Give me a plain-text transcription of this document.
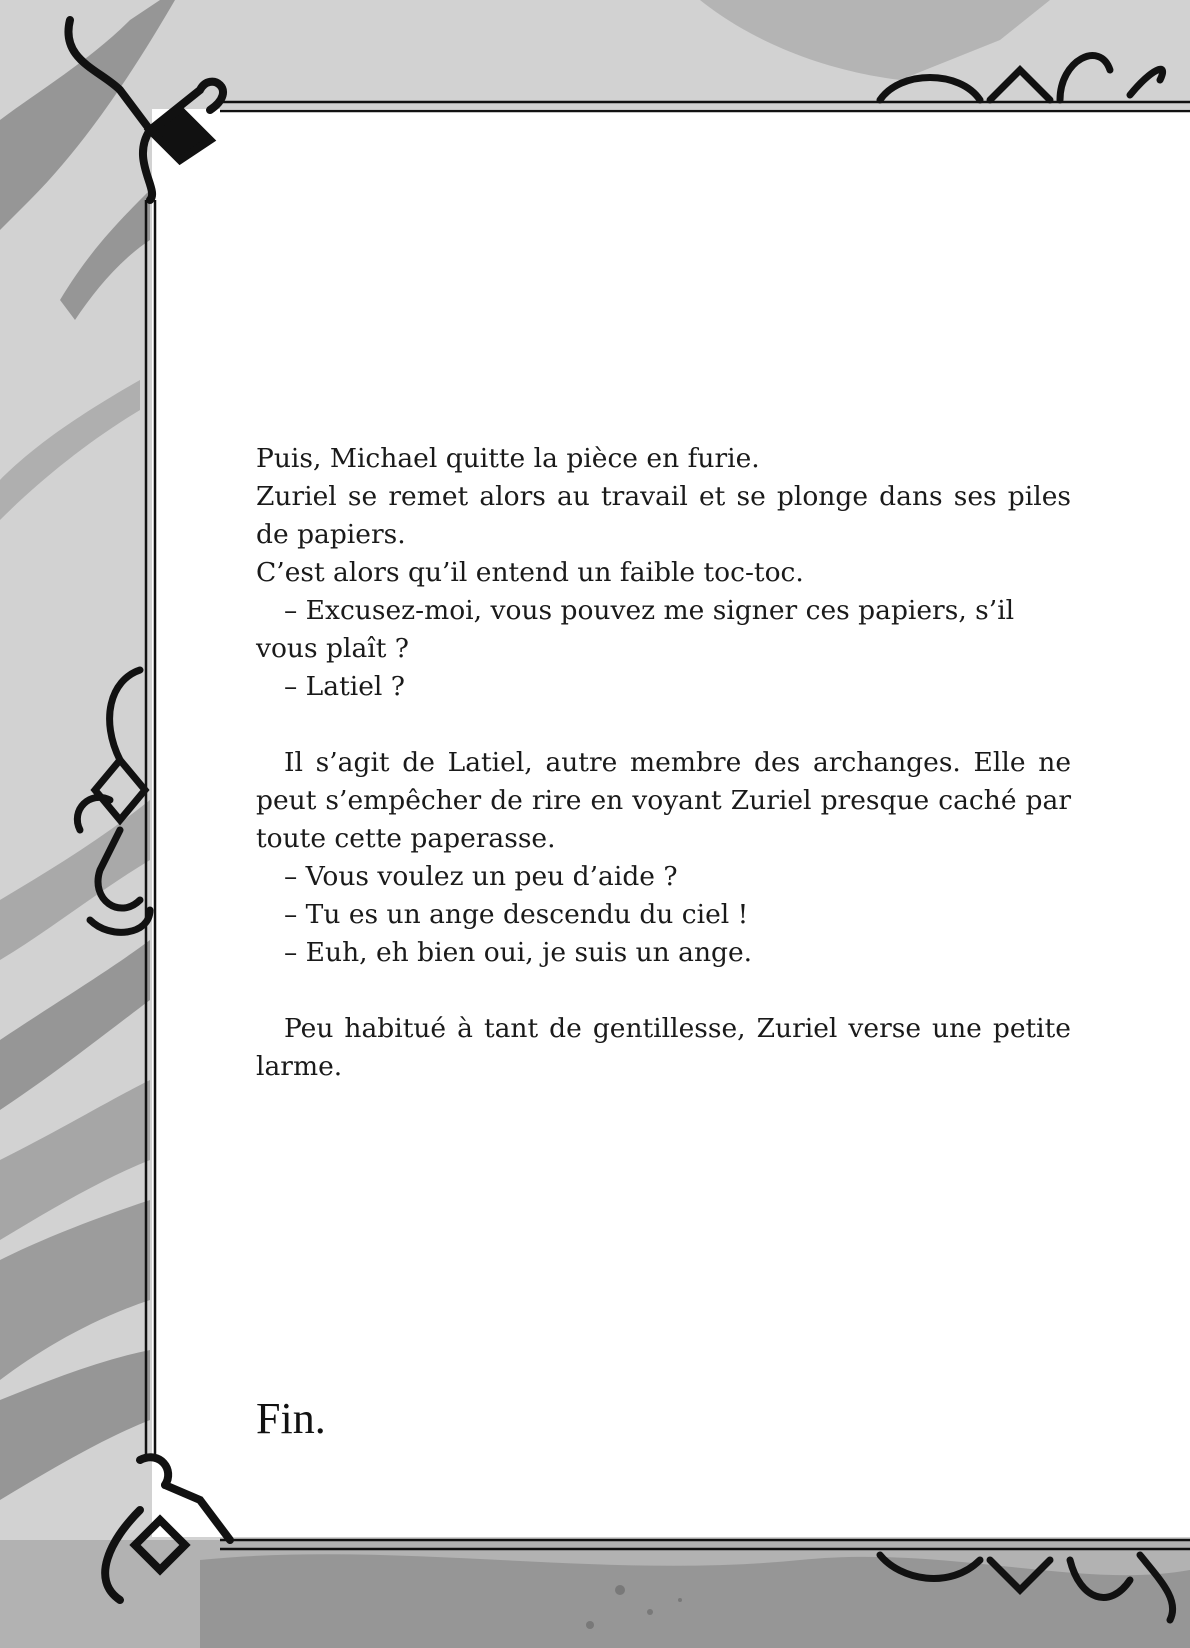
Puis, Michael quitte la pièce en furie.

Zuriel se remet alors au travail et se plonge dans ses piles de papiers.

C’est alors qu’il entend un faible toc-toc.

– Excusez-moi, vous pouvez me signer ces papiers, s’il vous plaît ?

– Latiel ?

Il s’agit de Latiel, autre membre des archanges. Elle ne peut s’empêcher de rire en voyant Zuriel presque caché par toute cette paperasse.

– Vous voulez un peu d’aide ?

– Tu es un ange descendu du ciel !

– Euh, eh bien oui, je suis un ange.

Peu habitué à tant de gentillesse, Zuriel verse une petite larme.

Fin.
